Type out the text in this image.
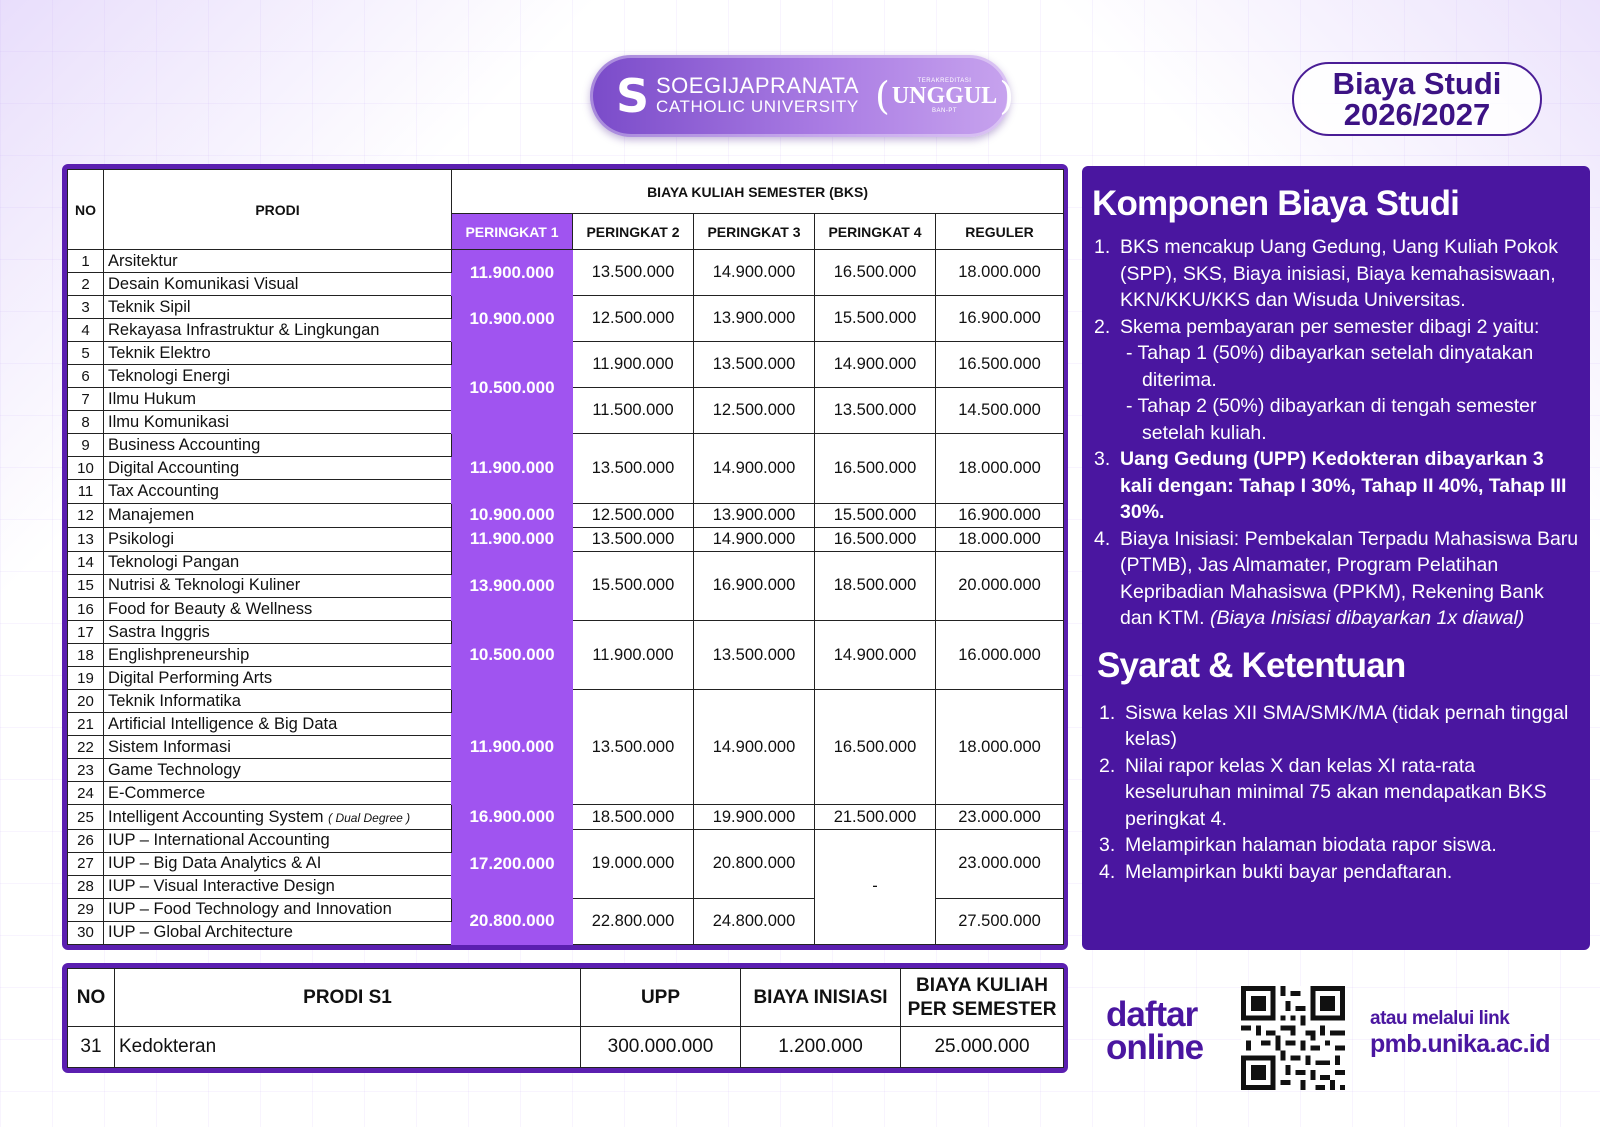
S SOEGIJAPRANATA
CATHOLIC UNIVERSITY (	TERAKREDITASI
UNGGUL
BAN-PT )	Biaya Studi
2026/2027
NO	PRODI	BIAYA KULIAH SEMESTER (BKS)				
		PERINGKAT 1	PERINGKAT 2	PERINGKAT 3	PERINGKAT 4	REGULER
1	Arsitektur	11.900.000	13.500.000	14.900.000	16.500.000	18.000.000
2	Desain Komunikasi Visual					
3	Teknik Sipil	10.900.000	12.500.000	13.900.000	15.500.000	16.900.000
4	Rekayasa Infrastruktur & Lingkungan					
5	Teknik Elektro	10.500.000	11.900.000	13.500.000	14.900.000	16.500.000
6	Teknologi Energi					
7	Ilmu Hukum		11.500.000	12.500.000	13.500.000	14.500.000
8	Ilmu Komunikasi					
9	Business Accounting	11.900.000	13.500.000	14.900.000	16.500.000	18.000.000
10	Digital Accounting					
11	Tax Accounting					
12	Manajemen	10.900.000	12.500.000	13.900.000	15.500.000	16.900.000
13	Psikologi	11.900.000	13.500.000	14.900.000	16.500.000	18.000.000
14	Teknologi Pangan	13.900.000	15.500.000	16.900.000	18.500.000	20.000.000
15	Nutrisi & Teknologi Kuliner					
16	Food for Beauty & Wellness					
17	Sastra Inggris	10.500.000	11.900.000	13.500.000	14.900.000	16.000.000
18	Englishpreneurship					
19	Digital Performing Arts					
20	Teknik Informatika	11.900.000	13.500.000	14.900.000	16.500.000	18.000.000
21	Artificial Intelligence & Big Data					
22	Sistem Informasi					
23	Game Technology					
24	E-Commerce					
25	Intelligent Accounting System ( Dual Degree )	16.900.000	18.500.000	19.900.000	21.500.000	23.000.000
26	IUP – International Accounting	17.200.000	19.000.000	20.800.000	-	23.000.000
27	IUP – Big Data Analytics & AI					
28	IUP – Visual Interactive Design					
29	IUP – Food Technology and Innovation	20.800.000	22.800.000	24.800.000		27.500.000
30	IUP – Global Architecture					
Komponen Biaya Studi
1. BKS mencakup Uang Gedung, Uang Kuliah Pokok (SPP), SKS, Biaya inisiasi, Biaya kemahasiswaan, KKN/KKU/KKS dan Wisuda Universitas.
2. Skema pembayaran per semester dibagi 2 yaitu:
- Tahap 1 (50%) dibayarkan setelah dinyatakan diterima.
- Tahap 2 (50%) dibayarkan di tengah semester setelah kuliah.
3. Uang Gedung (UPP) Kedokteran dibayarkan 3 kali dengan: Tahap I 30%, Tahap II 40%, Tahap III 30%.
4. Biaya Inisiasi: Pembekalan Terpadu Mahasiswa Baru (PTMB), Jas Almamater, Program Pelatihan Kepribadian Mahasiswa (PPKM), Rekening Bank dan KTM. (Biaya Inisiasi dibayarkan 1x diawal)
Syarat & Ketentuan
1. Siswa kelas XII SMA/SMK/MA (tidak pernah tinggal kelas)
2. Nilai rapor kelas X dan kelas XI rata-rata keseluruhan minimal 75 akan mendapatkan BKS peringkat 4.
3. Melampirkan halaman biodata rapor siswa.
4. Melampirkan bukti bayar pendaftaran.
NO	PRODI S1	UPP	BIAYA INISIASI	BIAYA KULIAH
PER SEMESTER
31	Kedokteran	300.000.000	1.200.000	25.000.000
daftar
online
atau melalui link
pmb.unika.ac.id
